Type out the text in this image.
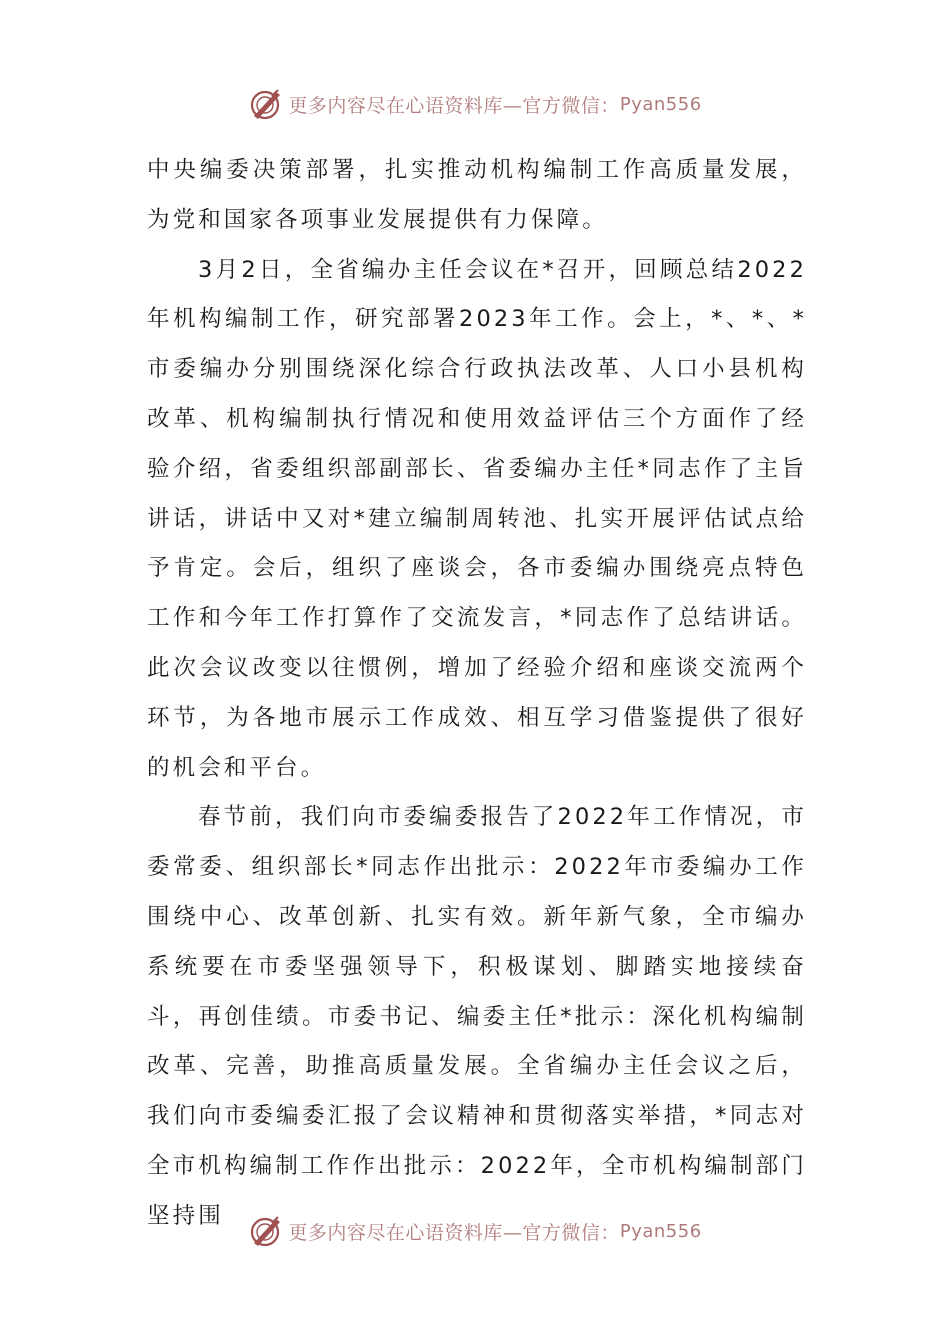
更多内容尽在心语资料库—官方微信： Pyan556

中央编委决策部署，扎实推动机构编制工作高质量发展，为党和国家各项事业发展提供有力保障。

3月2日，全省编办主任会议在*召开，回顾总结2022年机构编制工作，研究部署2023年工作。会上，*、*、*市委编办分别围绕深化综合行政执法改革、人口小县机构改革、机构编制执行情况和使用效益评估三个方面作了经验介绍，省委组织部副部长、省委编办主任*同志作了主旨讲话，讲话中又对*建立编制周转池、扎实开展评估试点给予肯定。会后，组织了座谈会，各市委编办围绕亮点特色工作和今年工作打算作了交流发言，*同志作了总结讲话。此次会议改变以往惯例，增加了经验介绍和座谈交流两个环节，为各地市展示工作成效、相互学习借鉴提供了很好的机会和平台。

春节前，我们向市委编委报告了2022年工作情况，市委常委、组织部长*同志作出批示：2022年市委编办工作围绕中心、改革创新、扎实有效。新年新气象，全市编办系统要在市委坚强领导下，积极谋划、脚踏实地接续奋斗，再创佳绩。市委书记、编委主任*批示：深化机构编制改革、完善，助推高质量发展。全省编办主任会议之后，我们向市委编委汇报了会议精神和贯彻落实举措，*同志对全市机构编制工作作出批示：2022年，全市机构编制部门坚持围

更多内容尽在心语资料库—官方微信： Pyan556
